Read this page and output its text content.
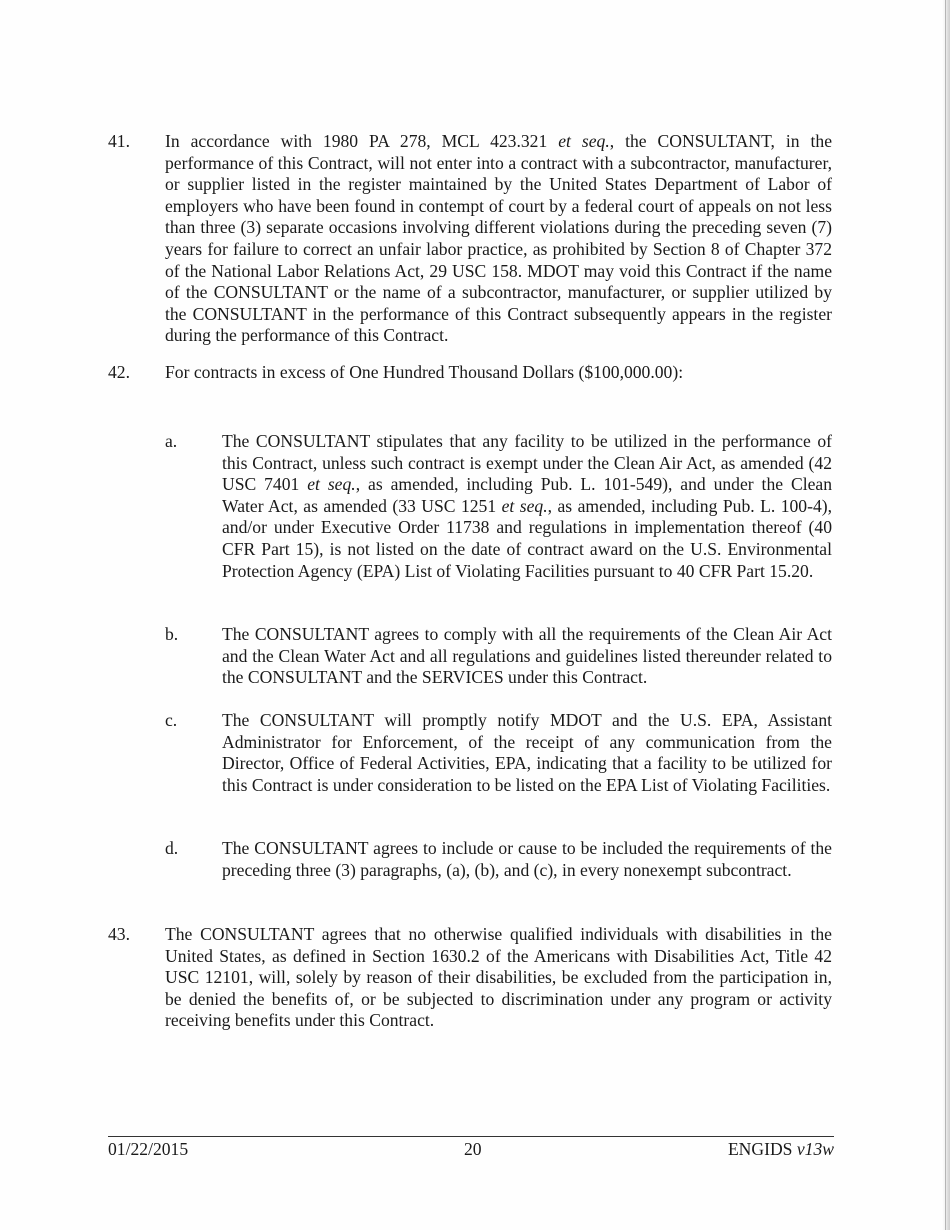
41. In accordance with 1980 PA 278, MCL 423.321 et seq., the CONSULTANT, in the performance of this Contract, will not enter into a contract with a subcontractor, manufacturer, or supplier listed in the register maintained by the United States Department of Labor of employers who have been found in contempt of court by a federal court of appeals on not less than three (3) separate occasions involving different violations during the preceding seven (7) years for failure to correct an unfair labor practice, as prohibited by Section 8 of Chapter 372 of the National Labor Relations Act, 29 USC 158. MDOT may void this Contract if the name of the CONSULTANT or the name of a subcontractor, manufacturer, or supplier utilized by the CONSULTANT in the performance of this Contract subsequently appears in the register during the performance of this Contract.
42. For contracts in excess of One Hundred Thousand Dollars ($100,000.00):
a.	The CONSULTANT stipulates that any facility to be utilized in the performance of this Contract, unless such contract is exempt under the Clean Air Act, as amended (42 USC 7401 et seq., as amended, including Pub. L. 101-549), and under the Clean Water Act, as amended (33 USC 1251 et seq., as amended, including Pub. L. 100-4), and/or under Executive Order 11738 and regulations in implementation thereof (40 CFR Part 15), is not listed on the date of contract award on the U.S. Environmental Protection Agency (EPA) List of Violating Facilities pursuant to 40 CFR Part 15.20.
b. The CONSULTANT agrees to comply with all the requirements of the Clean Air Act and the Clean Water Act and all regulations and guidelines listed thereunder related to the CONSULTANT and the SERVICES under this Contract.
c.	The CONSULTANT will promptly notify MDOT and the U.S. EPA, Assistant Administrator for Enforcement, of the receipt of any communication from the Director, Office of Federal Activities, EPA, indicating that a facility to be utilized for this Contract is under consideration to be listed on the EPA List of Violating Facilities.
d. The CONSULTANT agrees to include or cause to be included the requirements of the preceding three (3) paragraphs, (a), (b), and (c), in every nonexempt subcontract.
43. The CONSULTANT agrees that no otherwise qualified individuals with disabilities in the United States, as defined in Section 1630.2 of the Americans with Disabilities Act, Title 42 USC 12101, will, solely by reason of their disabilities, be excluded from the participation in, be denied the benefits of, or be subjected to discrimination under any program or activity receiving benefits under this Contract.
01/22/2015	20	ENGIDS v13w
